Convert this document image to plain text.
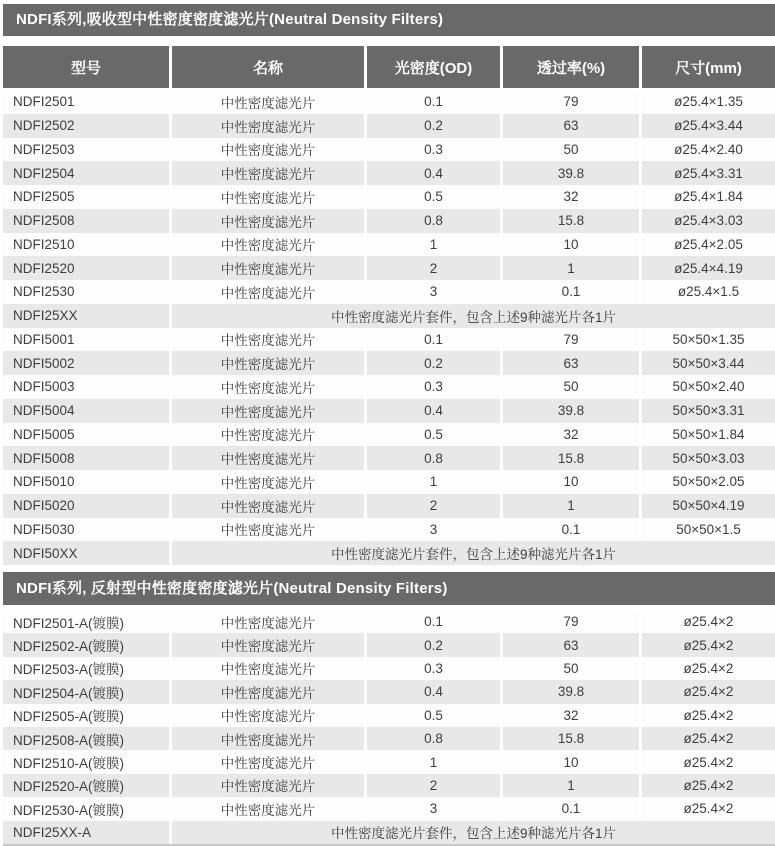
NDFI系列,吸收型中性密度密度滤光片(Neutral Density Filters)
型号	名称	光密度(OD)	透过率(%)	尺寸(mm)
NDFI2501	中性密度滤光片	0.1	79	ø25.4×1.35
NDFI2502	中性密度滤光片	0.2	63	ø25.4×3.44
NDFI2503	中性密度滤光片	0.3	50	ø25.4×2.40
NDFI2504	中性密度滤光片	0.4	39.8	ø25.4×3.31
NDFI2505	中性密度滤光片	0.5	32	ø25.4×1.84
NDFI2508	中性密度滤光片	0.8	15.8	ø25.4×3.03
NDFI2510	中性密度滤光片	1	10	ø25.4×2.05
NDFI2520	中性密度滤光片	2	1	ø25.4×4.19
NDFI2530	中性密度滤光片	3	0.1	ø25.4×1.5
NDFI25XX	中性密度滤光片套件，包含上述9种滤光片各1片
NDFI5001	中性密度滤光片	0.1	79	50×50×1.35
NDFI5002	中性密度滤光片	0.2	63	50×50×3.44
NDFI5003	中性密度滤光片	0.3	50	50×50×2.40
NDFI5004	中性密度滤光片	0.4	39.8	50×50×3.31
NDFI5005	中性密度滤光片	0.5	32	50×50×1.84
NDFI5008	中性密度滤光片	0.8	15.8	50×50×3.03
NDFI5010	中性密度滤光片	1	10	50×50×2.05
NDFI5020	中性密度滤光片	2	1	50×50×4.19
NDFI5030	中性密度滤光片	3	0.1	50×50×1.5
NDFI50XX	中性密度滤光片套件，包含上述9种滤光片各1片
NDFI系列, 反射型中性密度密度滤光片(Neutral Density Filters)
NDFI2501-A(镀膜)	中性密度滤光片	0.1	79	ø25.4×2
NDFI2502-A(镀膜)	中性密度滤光片	0.2	63	ø25.4×2
NDFI2503-A(镀膜)	中性密度滤光片	0.3	50	ø25.4×2
NDFI2504-A(镀膜)	中性密度滤光片	0.4	39.8	ø25.4×2
NDFI2505-A(镀膜)	中性密度滤光片	0.5	32	ø25.4×2
NDFI2508-A(镀膜)	中性密度滤光片	0.8	15.8	ø25.4×2
NDFI2510-A(镀膜)	中性密度滤光片	1	10	ø25.4×2
NDFI2520-A(镀膜)	中性密度滤光片	2	1	ø25.4×2
NDFI2530-A(镀膜)	中性密度滤光片	3	0.1	ø25.4×2
NDFI25XX-A	中性密度滤光片套件，包含上述9种滤光片各1片
